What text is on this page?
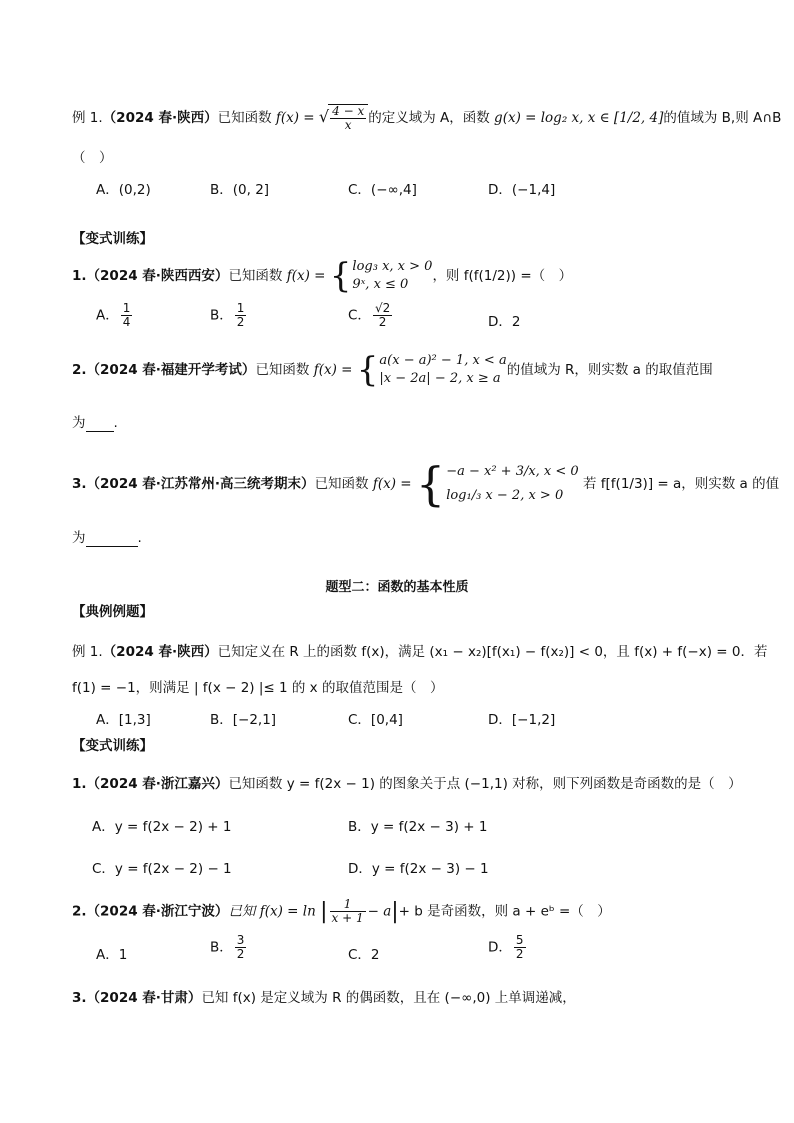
例 1.（2024 春·陕西）已知函数 f(x) = √ $\frac{4 - x}{x}$ 的定义域为 A，函数 g(x) = log₂ x, x ∈ [1/2, 4]的值域为 B,则 A∩B
（　）
A．(0,2)	B．(0, 2]	C．(−∞,4]	D．(−1,4]
【变式训练】
1.（2024 春·陕西西安）已知函数 f(x) = { log₃ x, x > 0
9ˣ, x ≤ 0
，则 f(f(1/2)) =（　）
A． $\frac{1}{4}$	B． $\frac{1}{2}$	C． $\frac{√2}{2}$	D．2
2.（2024 春·福建开学考试）已知函数 f(x) = { a(x − a)² − 1, x < a
|x − 2a| − 2, x ≥ a
的值域为 R，则实数 a 的取值范围
为 .
3.（2024 春·江苏常州·高三统考期末）已知函数 f(x) = { −a − x² + 3/x, x < 0
log₁/₃ x − 2, x > 0
若 f[f(1/3)] = a，则实数 a 的值
为	.
题型二：函数的基本性质
【典例例题】
例 1.（2024 春·陕西）已知定义在 R 上的函数 f(x)，满足 (x₁ − x₂)[f(x₁) − f(x₂)] < 0，且 f(x) + f(−x) = 0．若
f(1) = −1，则满足 | f(x − 2) |≤ 1 的 x 的取值范围是（　）
A．[1,3]	B．[−2,1]	C．[0,4]	D．[−1,2]
【变式训练】
1.（2024 春·浙江嘉兴）已知函数 y = f(2x − 1) 的图象关于点 (−1,1) 对称，则下列函数是奇函数的是（　）
A．y = f(2x − 2) + 1	B．y = f(2x − 3) + 1
C．y = f(2x − 2) − 1	D．y = f(2x − 3) − 1
2.（2024 春·浙江宁波）已知 f(x) = ln | $\frac{1}{x + 1} - a|+ b$ 是奇函数，则 a + eᵇ =（　）
A．1	B． $\frac{3}{2}$	C．2	D． $\frac{5}{2}$
3.（2024 春·甘肃）已知 f(x) 是定义域为 R 的偶函数，且在 (−∞,0) 上单调递减，
